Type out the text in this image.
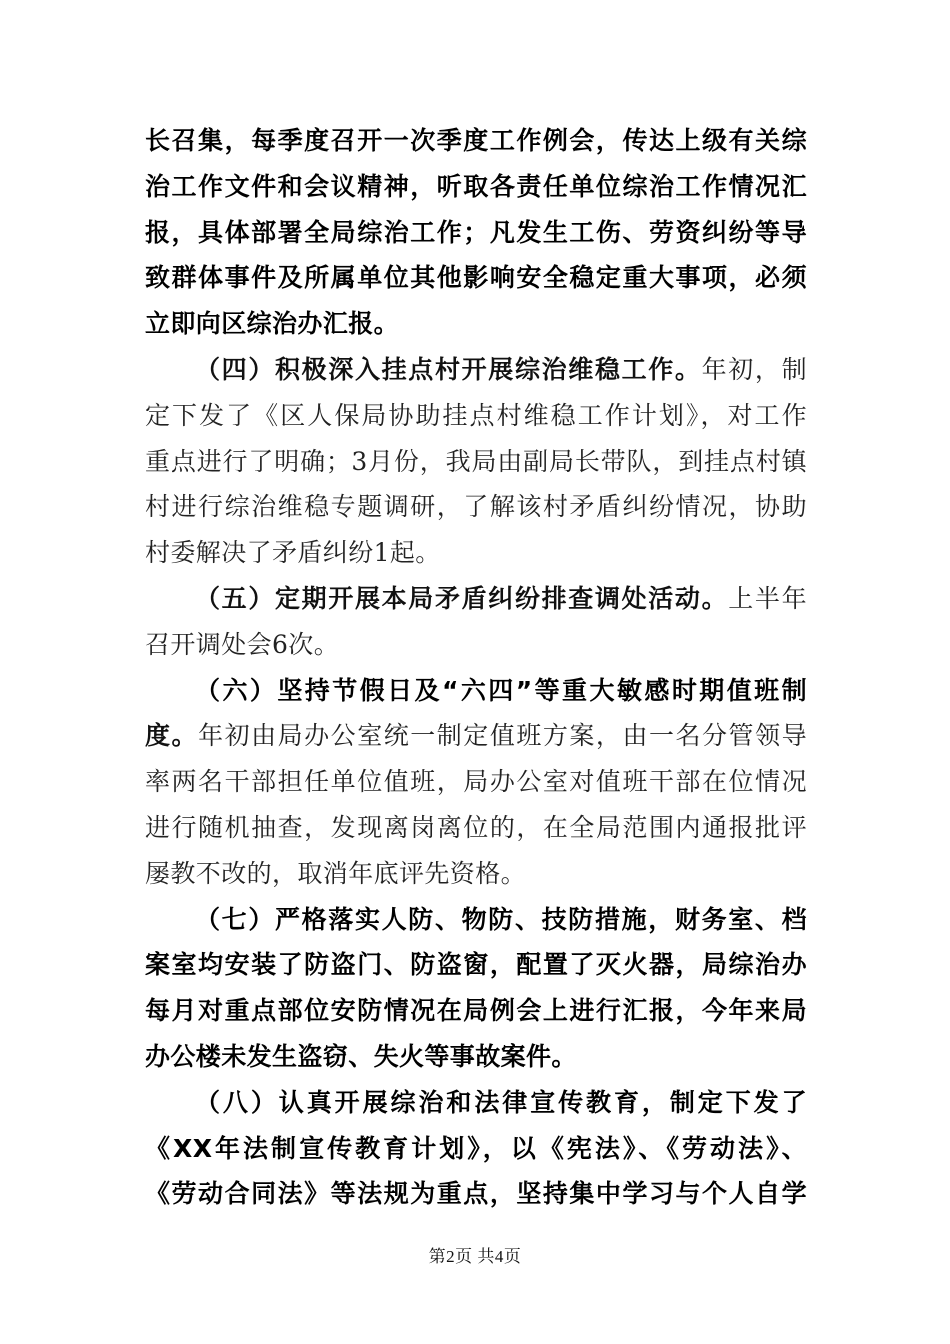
长召集，每季度召开一次季度工作例会，传达上级有关综
治工作文件和会议精神，听取各责任单位综治工作情况汇
报，具体部署全局综治工作；凡发生工伤、劳资纠纷等导
致群体事件及所属单位其他影响安全稳定重大事项，必须
立即向区综治办汇报。
（四）积极深入挂点村开展综治维稳工作。年初，制
定下发了《区人保局协助挂点村维稳工作计划》，对工作
重点进行了明确；3月份，我局由副局长带队，到挂点村镇
村进行综治维稳专题调研，了解该村矛盾纠纷情况，协助
村委解决了矛盾纠纷1起。
（五）定期开展本局矛盾纠纷排查调处活动。上半年
召开调处会6次。
（六）坚持节假日及“六四”等重大敏感时期值班制
度。年初由局办公室统一制定值班方案，由一名分管领导
率两名干部担任单位值班，局办公室对值班干部在位情况
进行随机抽查，发现离岗离位的，在全局范围内通报批评
屡教不改的，取消年底评先资格。
（七）严格落实人防、物防、技防措施，财务室、档
案室均安装了防盗门、防盗窗，配置了灭火器，局综治办
每月对重点部位安防情况在局例会上进行汇报，今年来局
办公楼未发生盗窃、失火等事故案件。
（八）认真开展综治和法律宣传教育，制定下发了
《XX年法制宣传教育计划》，以《宪法》、《劳动法》、
《劳动合同法》等法规为重点，坚持集中学习与个人自学
第2页 共4页
